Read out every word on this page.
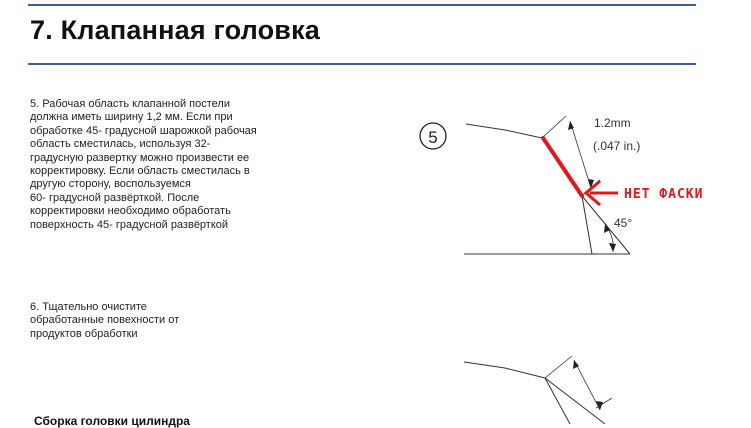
7. Клапанная головка
5. Рабочая область клапанной постели
должна иметь ширину 1,2 мм. Если при
обработке 45- градусной шарожкой рабочая
область сместилась, используя 32-
градусную развертку можно произвести ее
корректировку. Если область сместилась в
другую сторону, воспользуемся
60- градусной развёрткой. После
корректировки необходимо обработать
поверхность 45- градусной развёрткой
6. Тщательно очистите
обработанные повехности от
продуктов обработки
5
1.2mm
(.047 in.)
45°
НЕТ ФАСКИ
Сборка головки цилиндра
